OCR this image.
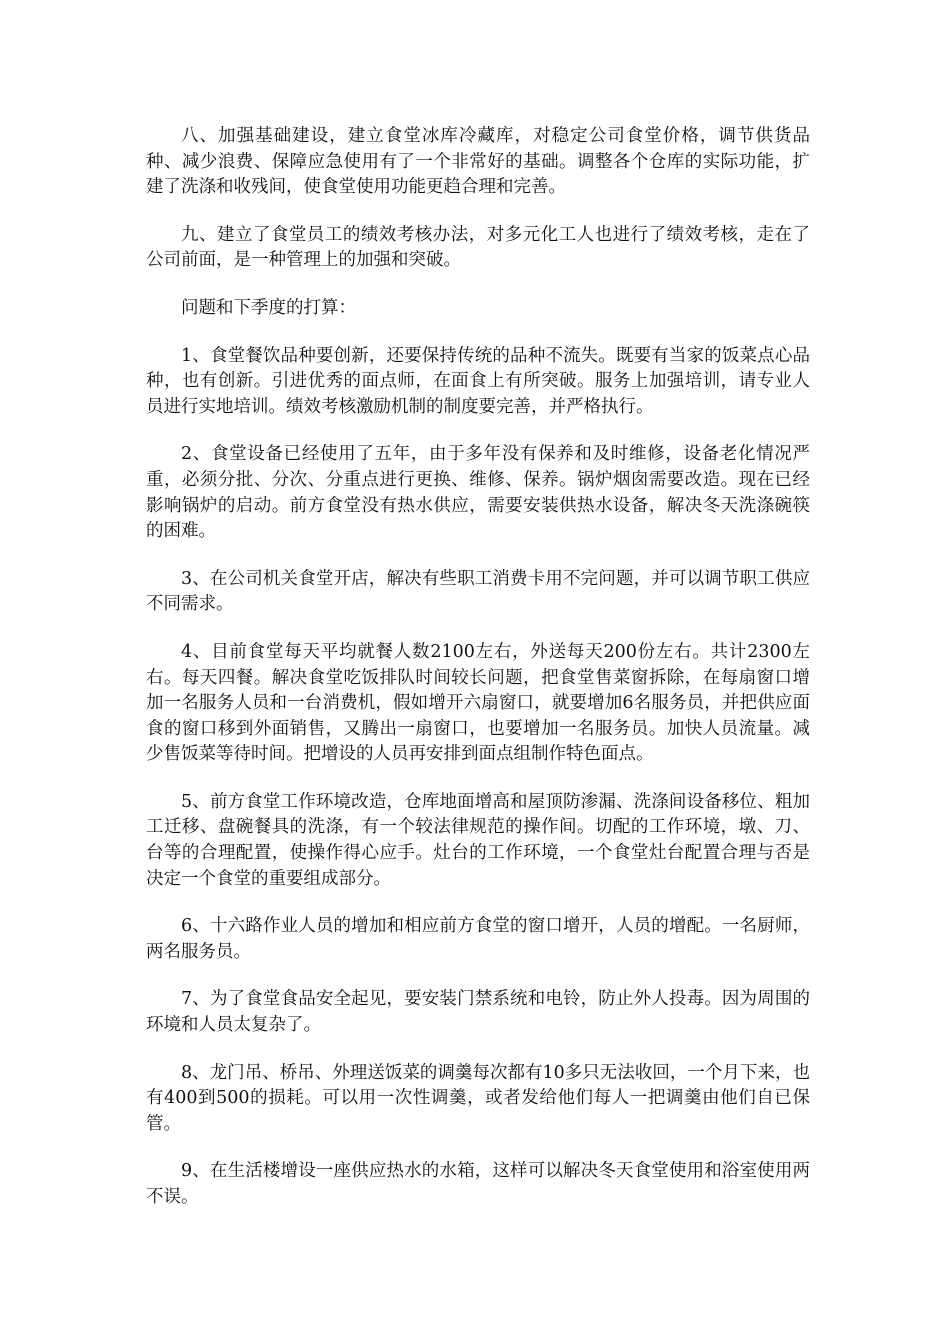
八、加强基础建设，建立食堂冰库冷藏库，对稳定公司食堂价格，调节供货品种、减少浪费、保障应急使用有了一个非常好的基础。调整各个仓库的实际功能，扩建了洗涤和收残间，使食堂使用功能更趋合理和完善。

九、建立了食堂员工的绩效考核办法，对多元化工人也进行了绩效考核，走在了公司前面，是一种管理上的加强和突破。

问题和下季度的打算：

1、食堂餐饮品种要创新，还要保持传统的品种不流失。既要有当家的饭菜点心品种，也有创新。引进优秀的面点师，在面食上有所突破。服务上加强培训，请专业人员进行实地培训。绩效考核激励机制的制度要完善，并严格执行。

2、食堂设备已经使用了五年，由于多年没有保养和及时维修，设备老化情况严重，必须分批、分次、分重点进行更换、维修、保养。锅炉烟囱需要改造。现在已经影响锅炉的启动。前方食堂没有热水供应，需要安装供热水设备，解决冬天洗涤碗筷的困难。

3、在公司机关食堂开店，解决有些职工消费卡用不完问题，并可以调节职工供应不同需求。

4、目前食堂每天平均就餐人数2100左右，外送每天200份左右。共计2300左右。每天四餐。解决食堂吃饭排队时间较长问题，把食堂售菜窗拆除，在每扇窗口增加一名服务人员和一台消费机，假如增开六扇窗口，就要增加6名服务员，并把供应面食的窗口移到外面销售，又腾出一扇窗口，也要增加一名服务员。加快人员流量。减少售饭菜等待时间。把增设的人员再安排到面点组制作特色面点。

5、前方食堂工作环境改造，仓库地面增高和屋顶防渗漏、洗涤间设备移位、粗加工迁移、盘碗餐具的洗涤，有一个较法律规范的操作间。切配的工作环境，墩、刀、台等的合理配置，使操作得心应手。灶台的工作环境，一个食堂灶台配置合理与否是决定一个食堂的重要组成部分。

6、十六路作业人员的增加和相应前方食堂的窗口增开，人员的增配。一名厨师，两名服务员。

7、为了食堂食品安全起见，要安装门禁系统和电铃，防止外人投毒。因为周围的环境和人员太复杂了。

8、龙门吊、桥吊、外理送饭菜的调羹每次都有10多只无法收回，一个月下来，也有400到500的损耗。可以用一次性调羹，或者发给他们每人一把调羹由他们自已保管。

9、在生活楼增设一座供应热水的水箱，这样可以解决冬天食堂使用和浴室使用两不误。
